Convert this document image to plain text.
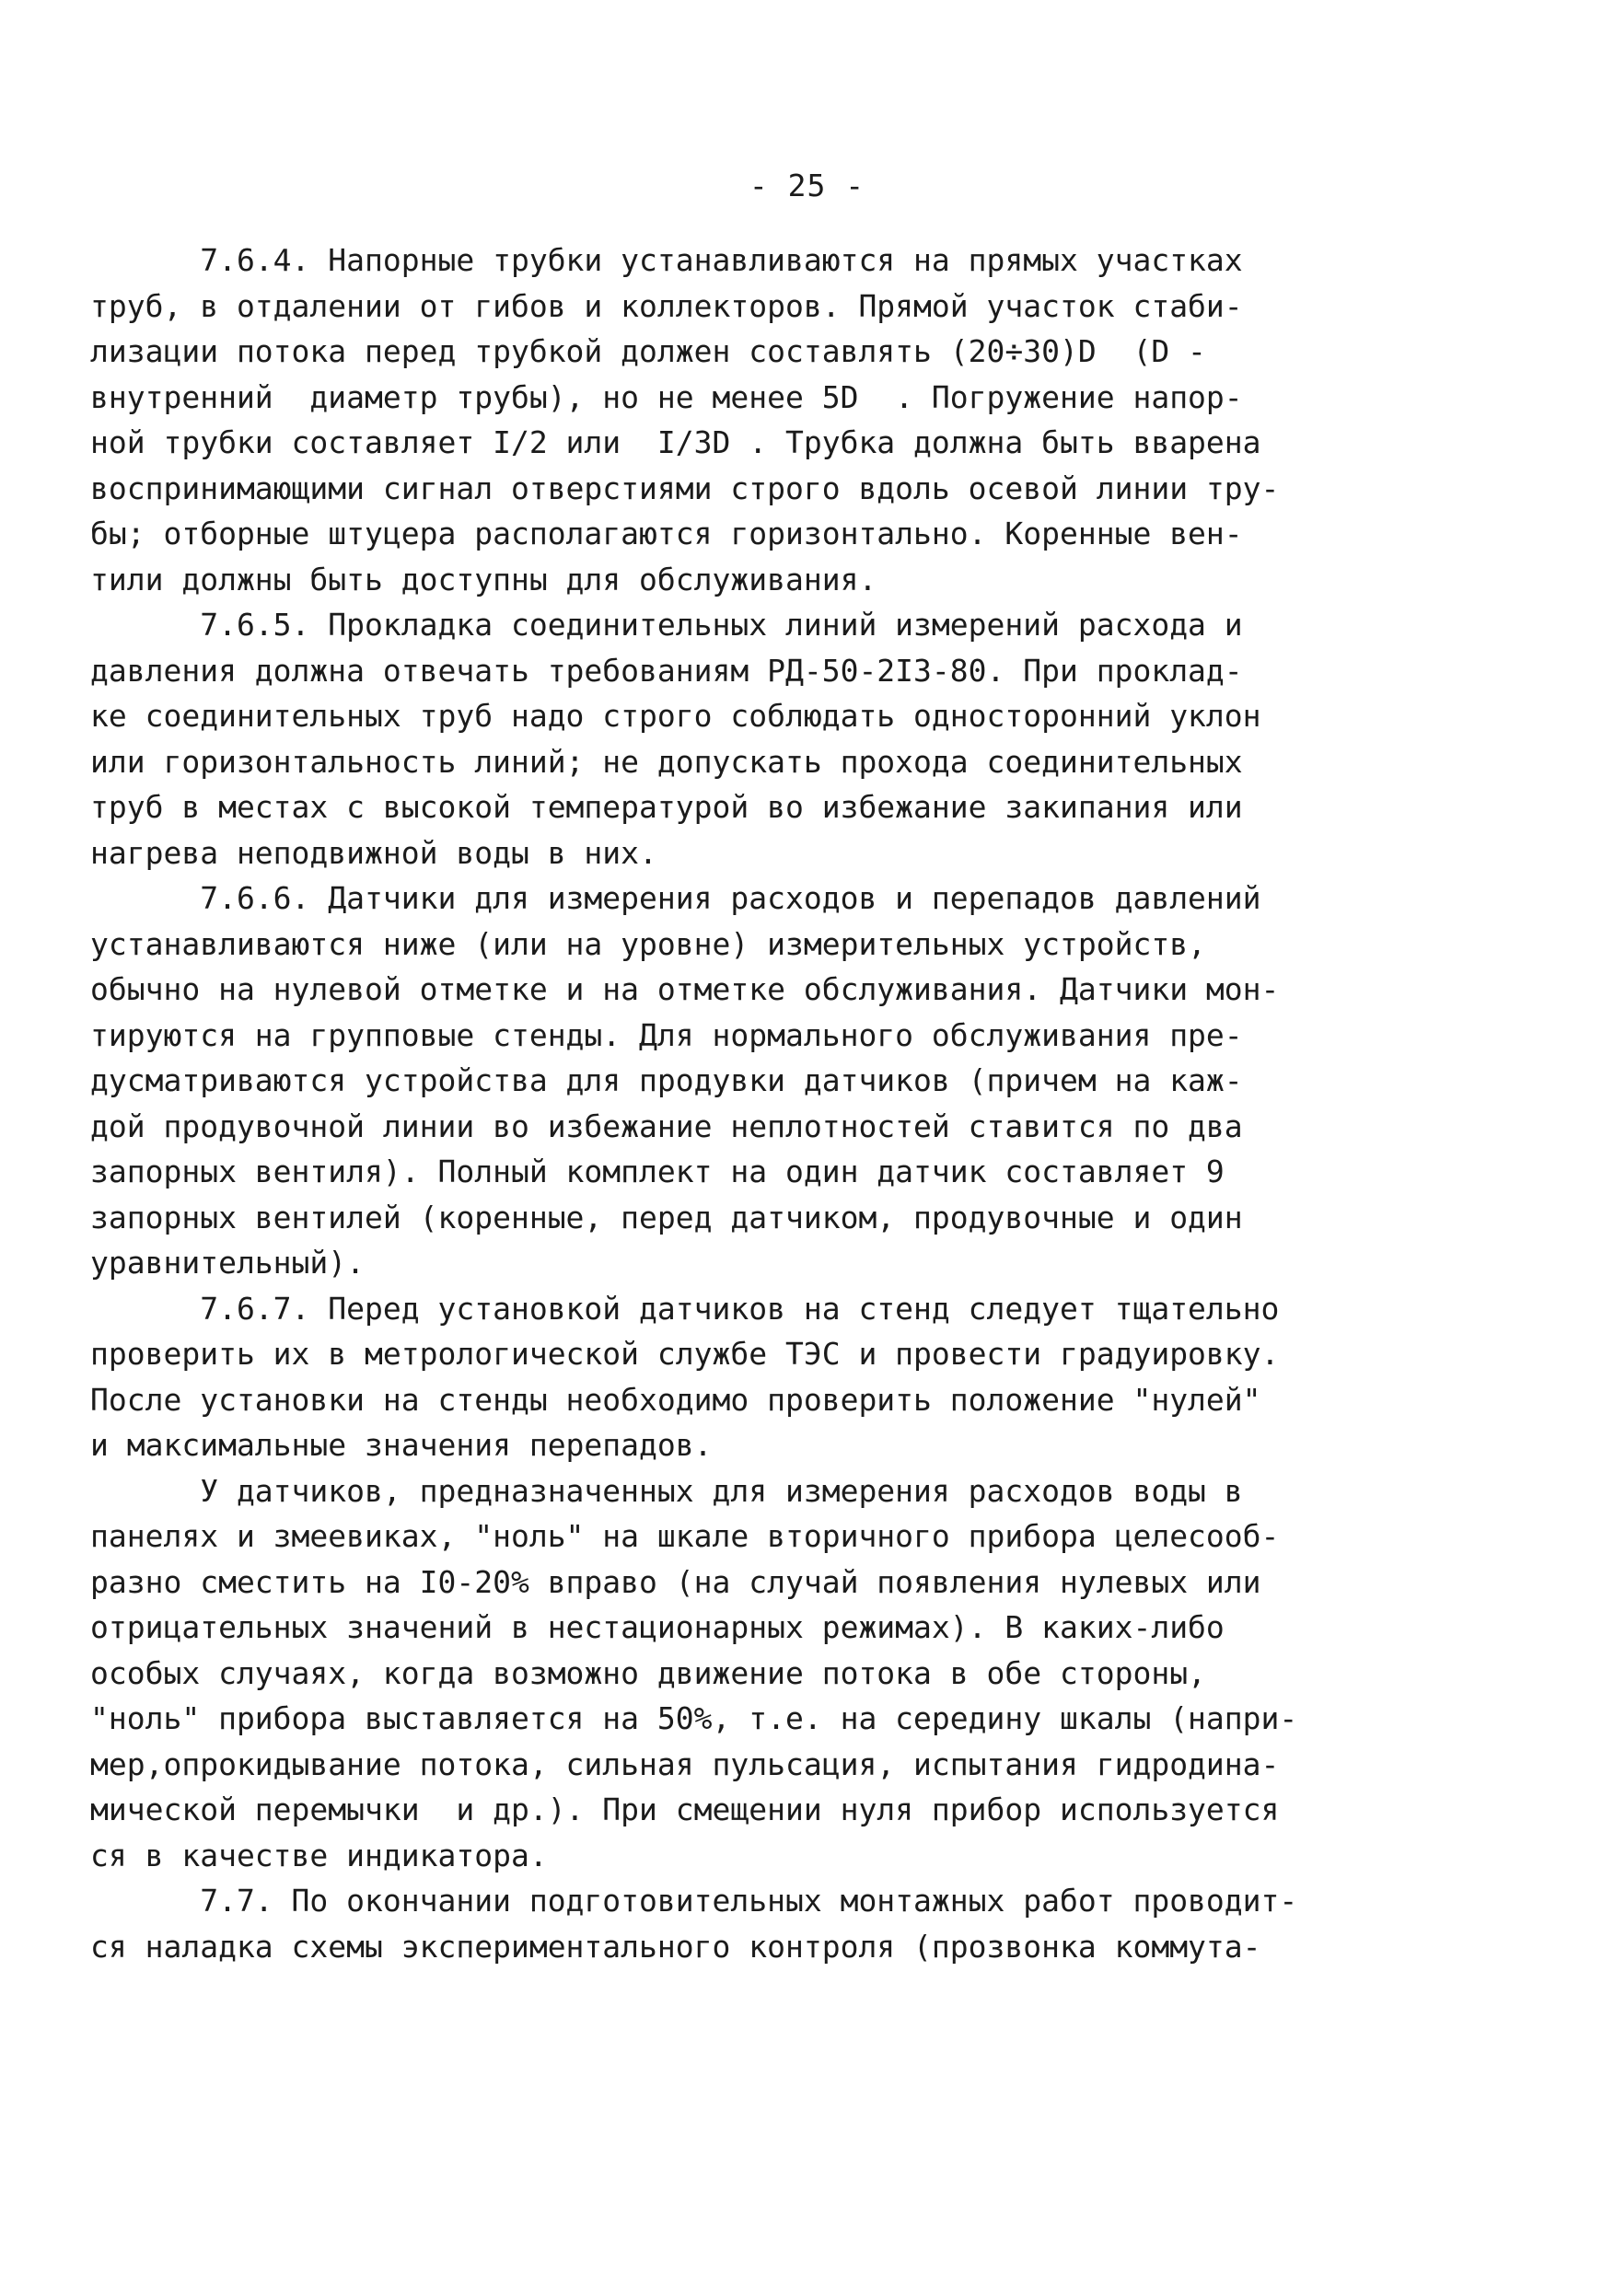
- 25 -
7.6.4. Напорные трубки устанавливаются на прямых участках
труб, в отдалении от гибов и коллекторов. Прямой участок стаби-
лизации потока перед трубкой должен составлять (20÷30)D  (D -
внутренний  диаметр трубы), но не менее 5D  . Погружение напор-
ной трубки составляет I/2 или  I/3D . Трубка должна быть вварена
воспринимающими сигнал отверстиями строго вдоль осевой линии тру-
бы; отборные штуцера располагаются горизонтально. Коренные вен-
тили должны быть доступны для обслуживания.
7.6.5. Прокладка соединительных линий измерений расхода и
давления должна отвечать требованиям РД-50-2I3-80. При проклад-
ке соединительных труб надо строго соблюдать односторонний уклон
или горизонтальность линий; не допускать прохода соединительных
труб в местах с высокой температурой во избежание закипания или
нагрева неподвижной воды в них.
7.6.6. Датчики для измерения расходов и перепадов давлений
устанавливаются ниже (или на уровне) измерительных устройств,
обычно на нулевой отметке и на отметке обслуживания. Датчики мон-
тируются на групповые стенды. Для нормального обслуживания пре-
дусматриваются устройства для продувки датчиков (причем на каж-
дой продувочной линии во избежание неплотностей ставится по два
запорных вентиля). Полный комплект на один датчик составляет 9
запорных вентилей (коренные, перед датчиком, продувочные и один
уравнительный).
7.6.7. Перед установкой датчиков на стенд следует тщательно
проверить их в метрологической службе ТЭС и провести градуировку.
После установки на стенды необходимо проверить положение "нулей"
и максимальные значения перепадов.
У датчиков, предназначенных для измерения расходов воды в
панелях и змеевиках, "ноль" на шкале вторичного прибора целесооб-
разно сместить на I0-20% вправо (на случай появления нулевых или
отрицательных значений в нестационарных режимах). В каких-либо
особых случаях, когда возможно движение потока в обе стороны,
"ноль" прибора выставляется на 50%, т.е. на середину шкалы (напри-
мер,опрокидывание потока, сильная пульсация, испытания гидродина-
мической перемычки  и др.). При смещении нуля прибор используется
ся в качестве индикатора.
7.7. По окончании подготовительных монтажных работ проводит-
ся наладка схемы экспериментального контроля (прозвонка коммута-
